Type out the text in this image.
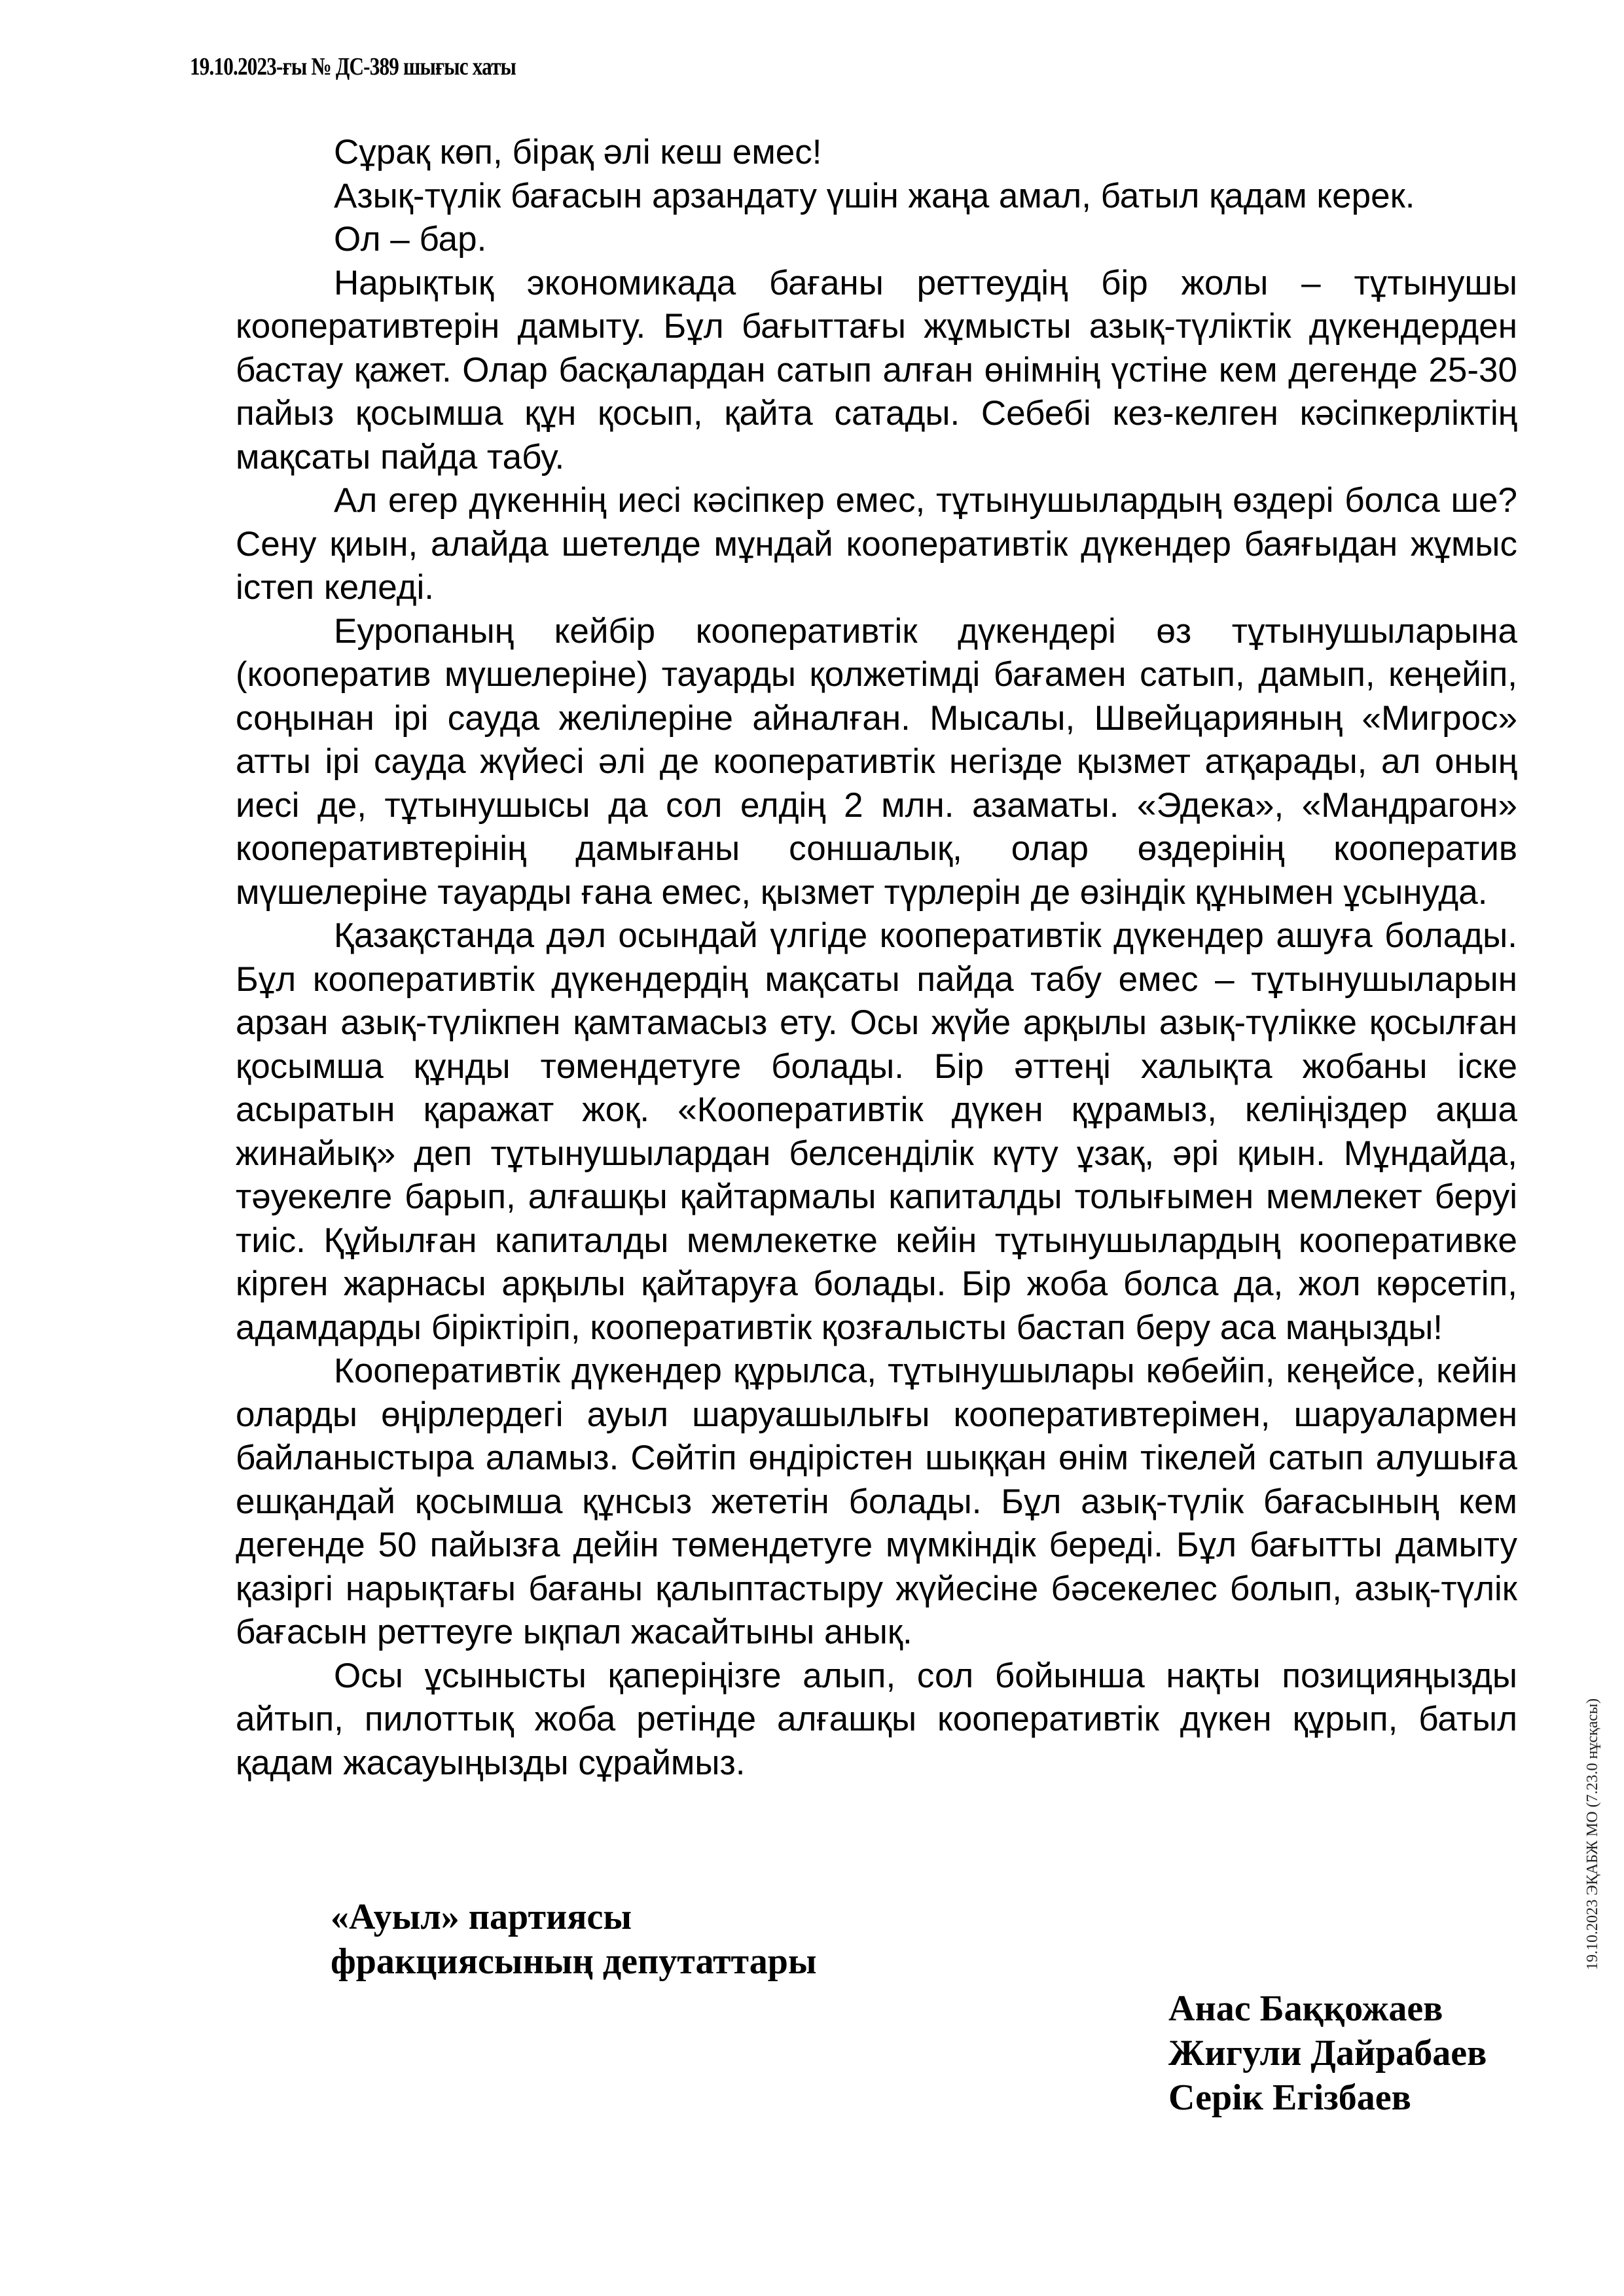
19.10.2023-ғы № ДС-389 шығыс хаты

Сұрақ көп, бірақ әлі кеш емес!

Азық-түлік бағасын арзандату үшін жаңа амал, батыл қадам керек.

Ол – бар.

Нарықтық экономикада бағаны реттеудің бір жолы – тұтынушы кооперативтерін дамыту. Бұл бағыттағы жұмысты азық-түліктік дүкендерден бастау қажет. Олар басқалардан сатып алған өнімнің үстіне кем дегенде 25-30 пайыз қосымша құн қосып, қайта сатады. Себебі кез-келген кәсіпкерліктің мақсаты пайда табу.

Ал егер дүкеннің иесі кәсіпкер емес, тұтынушылардың өздері болса ше? Сену қиын, алайда шетелде мұндай кооперативтік дүкендер баяғыдан жұмыс істеп келеді.

Еуропаның кейбір кооперативтік дүкендері өз тұтынушыларына (кооператив мүшелеріне) тауарды қолжетімді бағамен сатып, дамып, кеңейіп, соңынан ірі сауда желілеріне айналған. Мысалы, Швейцарияның «Мигрос» атты ірі сауда жүйесі әлі де кооперативтік негізде қызмет атқарады, ал оның иесі де, тұтынушысы да сол елдің 2 млн. азаматы. «Эдека», «Мандрагон» кооперативтерінің дамығаны соншалық, олар өздерінің кооператив мүшелеріне тауарды ғана емес, қызмет түрлерін де өзіндік құнымен ұсынуда.

Қазақстанда дәл осындай үлгіде кооперативтік дүкендер ашуға болады. Бұл кооперативтік дүкендердің мақсаты пайда табу емес – тұтынушыларын арзан азық-түлікпен қамтамасыз ету. Осы жүйе арқылы азық-түлікке қосылған қосымша құнды төмендетуге болады. Бір әттеңі халықта жобаны іске асыратын қаражат жоқ. «Кооперативтік дүкен құрамыз, келіңіздер ақша жинайық» деп тұтынушылардан белсенділік күту ұзақ, әрі қиын. Мұндайда, тәуекелге барып, алғашқы қайтармалы капиталды толығымен мемлекет беруі тиіс. Құйылған капиталды мемлекетке кейін тұтынушылардың кооперативке кірген жарнасы арқылы қайтаруға болады. Бір жоба болса да, жол көрсетіп, адамдарды біріктіріп, кооперативтік қозғалысты бастап беру аса маңызды!

Кооперативтік дүкендер құрылса, тұтынушылары көбейіп, кеңейсе, кейін оларды өңірлердегі ауыл шаруашылығы кооперативтерімен, шаруалармен байланыстыра аламыз. Сөйтіп өндірістен шыққан өнім тікелей сатып алушыға ешқандай қосымша құнсыз жететін болады. Бұл азық-түлік бағасының кем дегенде 50 пайызға дейін төмендетуге мүмкіндік береді. Бұл бағытты дамыту қазіргі нарықтағы бағаны қалыптастыру жүйесіне бәсекелес болып, азық-түлік бағасын реттеуге ықпал жасайтыны анық.

Осы ұсынысты қаперіңізге алып, сол бойынша нақты позицияңызды айтып, пилоттық жоба ретінде алғашқы кооперативтік дүкен құрып, батыл қадам жасауыңызды сұраймыз.

«Ауыл» партиясы
фракциясының депутаттары
Анас Баққожаев
Жигули Дайрабаев
Серік Егізбаев
19.10.2023 ЭҚАБЖ МО (7.23.0 нұсқасы)
